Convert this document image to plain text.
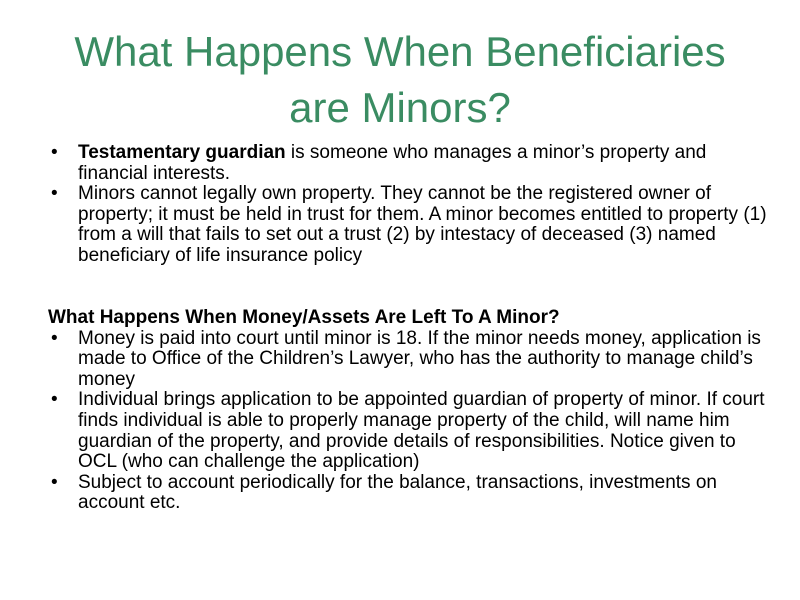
What Happens When Beneficiaries
are Minors?
• Testamentary guardian is someone who manages a minor’s property and financial interests.
• Minors cannot legally own property. They cannot be the registered owner of property; it must be held in trust for them. A minor becomes entitled to property (1) from a will that fails to set out a trust (2) by intestacy of deceased (3) named beneficiary of life insurance policy
What Happens When Money/Assets Are Left To A Minor?
• Money is paid into court until minor is 18. If the minor needs money, application is made to Office of the Children’s Lawyer, who has the authority to manage child’s money
• Individual brings application to be appointed guardian of property of minor. If court finds individual is able to properly manage property of the child, will name him guardian of the property, and provide details of responsibilities. Notice given to OCL (who can challenge the application)
• Subject to account periodically for the balance, transactions, investments on account etc.
